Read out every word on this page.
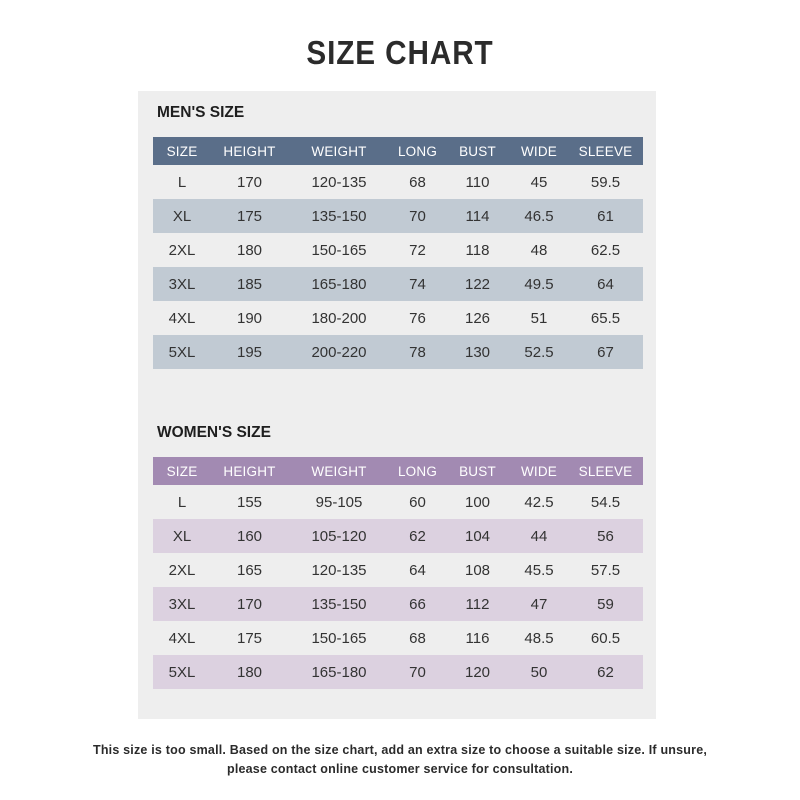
SIZE CHART
MEN'S SIZE
SIZE	HEIGHT	WEIGHT	LONG	BUST	WIDE	SLEEVE
L	170	120-135	68	110	45	59.5
XL	175	135-150	70	114	46.5	61
2XL	180	150-165	72	118	48	62.5
3XL	185	165-180	74	122	49.5	64
4XL	190	180-200	76	126	51	65.5
5XL	195	200-220	78	130	52.5	67
WOMEN'S SIZE
SIZE	HEIGHT	WEIGHT	LONG	BUST	WIDE	SLEEVE
L	155	95-105	60	100	42.5	54.5
XL	160	105-120	62	104	44	56
2XL	165	120-135	64	108	45.5	57.5
3XL	170	135-150	66	112	47	59
4XL	175	150-165	68	116	48.5	60.5
5XL	180	165-180	70	120	50	62
This size is too small. Based on the size chart, add an extra size to choose a suitable size. If unsure,
please contact online customer service for consultation.
